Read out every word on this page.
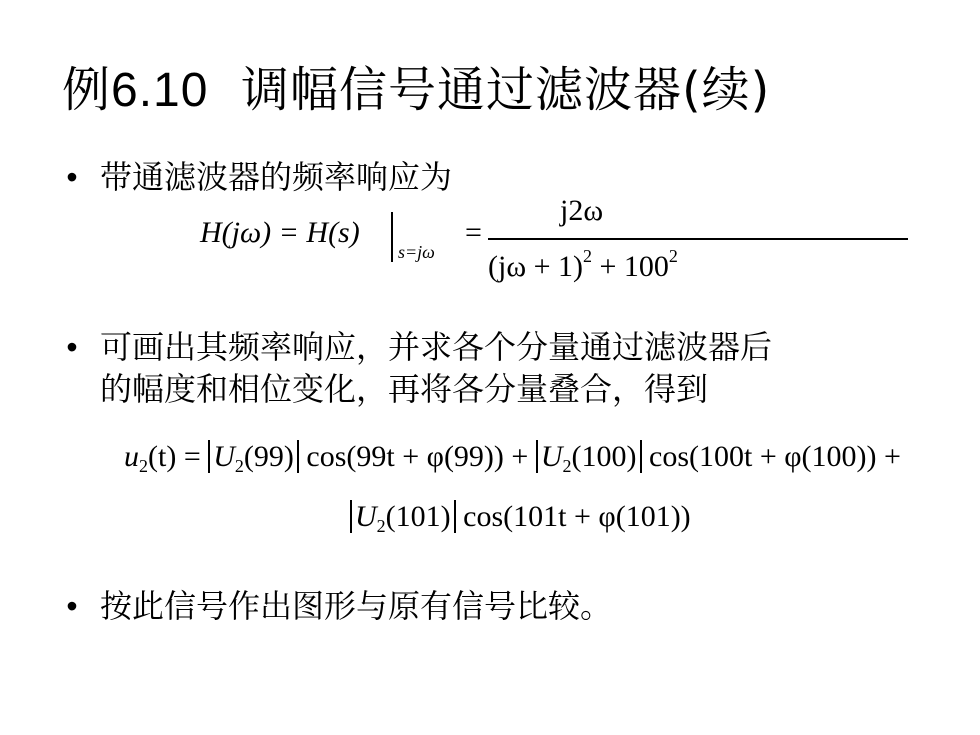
例6.10 调幅信号通过滤波器(续)
• 带通滤波器的频率响应为
H(jω) = H(s)
s=jω
=
j2ω
$(j\omega + 1)^2 + 100^2$
• 可画出其频率响应，并求各个分量通过滤波器后
的幅度和相位变化，再将各分量叠合，得到
$u_2(t) = U_2(99) \cos(99t + \varphi(99)) + U_2(100) \cos(100t + \varphi(100))$ +
$U_2(101) \cos(101t + \varphi(101))$
• 按此信号作出图形与原有信号比较。
